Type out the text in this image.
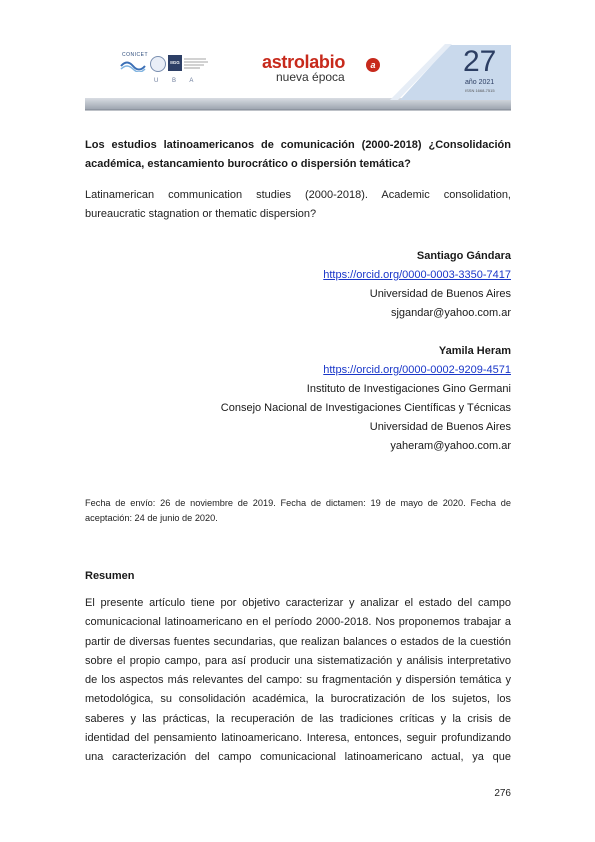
CONICET
IIGG
U B A
astrolabio
nueva época
a	27
año 2021
ISSN 1668-7515
Los estudios latinoamericanos de comunicación (2000-2018) ¿Consolidación académica, estancamiento burocrático o dispersión temática?
Latinamerican communication studies (2000-2018). Academic consolidation, bureaucratic stagnation or thematic dispersion?
Santiago Gándara
https://orcid.org/0000-0003-3350-7417
Universidad de Buenos Aires
sjgandar@yahoo.com.ar
Yamila Heram
https://orcid.org/0000-0002-9209-4571
Instituto de Investigaciones Gino Germani
Consejo Nacional de Investigaciones Científicas y Técnicas
Universidad de Buenos Aires
yaheram@yahoo.com.ar
Fecha de envío: 26 de noviembre de 2019. Fecha de dictamen: 19 de mayo de 2020. Fecha de aceptación: 24 de junio de 2020.
Resumen
El presente artículo tiene por objetivo caracterizar y analizar el estado del campo comunicacional latinoamericano en el período 2000-2018. Nos proponemos trabajar a partir de diversas fuentes secundarias, que realizan balances o estados de la cuestión sobre el propio campo, para así producir una sistematización y análisis interpretativo de los aspectos más relevantes del campo: su fragmentación y dispersión temática y metodológica, su consolidación académica, la burocratización de los sujetos, los saberes y las prácticas, la recuperación de las tradiciones críticas y la crisis de identidad del pensamiento latinoamericano. Interesa, entonces, seguir profundizando una caracterización del campo comunicacional latinoamericano actual, ya que
276
